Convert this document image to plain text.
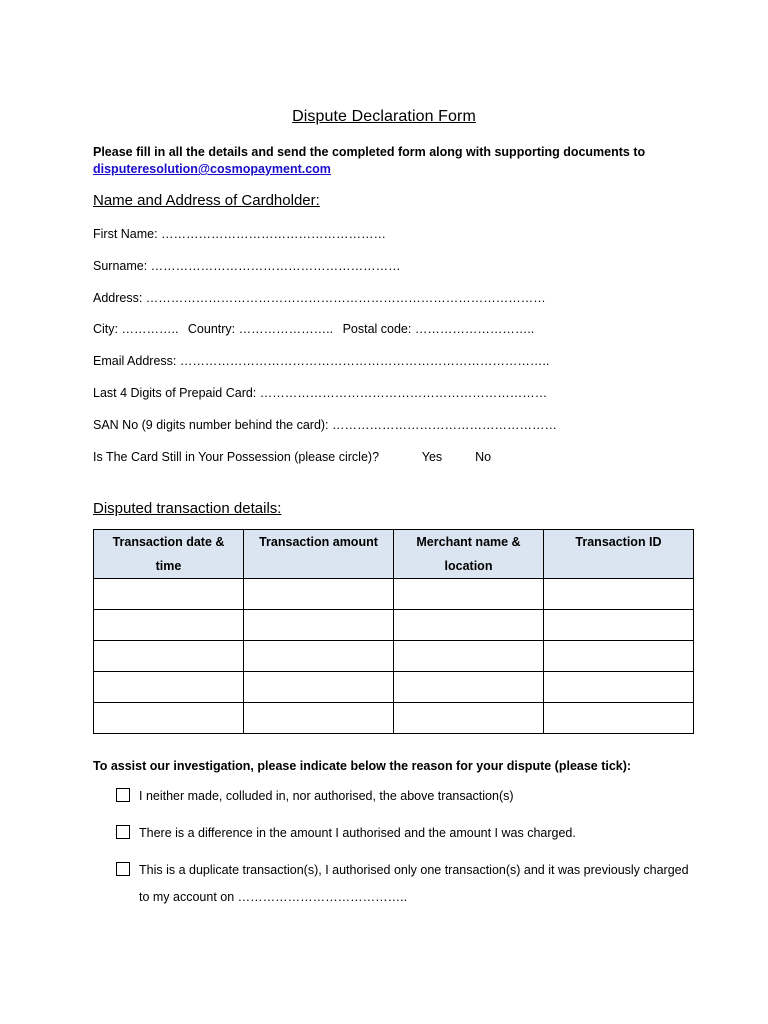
Dispute Declaration Form
Please fill in all the details and send the completed form along with supporting documents to
disputeresolution@cosmopayment.com
Name and Address of Cardholder:
First Name: ………………………………………………
Surname: ……………………………………………………
Address: ……………………………………………………………………………………
City: ………….. Country: ………………….. Postal code: ………………………..
Email Address: ……………………………………………………………………………..
Last 4 Digits of Prepaid Card: ……………………………………………………………
SAN No (9 digits number behind the card): ………………………………………………
Is The Card Still in Your Possession (please circle)?	Yes	No
Disputed transaction details:
Transaction date & time	Transaction amount	Merchant name & location	Transaction ID

To assist our investigation, please indicate below the reason for your dispute (please tick):
I neither made, colluded in, nor authorised, the above transaction(s)
There is a difference in the amount I authorised and the amount I was charged.
This is a duplicate transaction(s), I authorised only one transaction(s) and it was previously charged to my account on …………………………………..
